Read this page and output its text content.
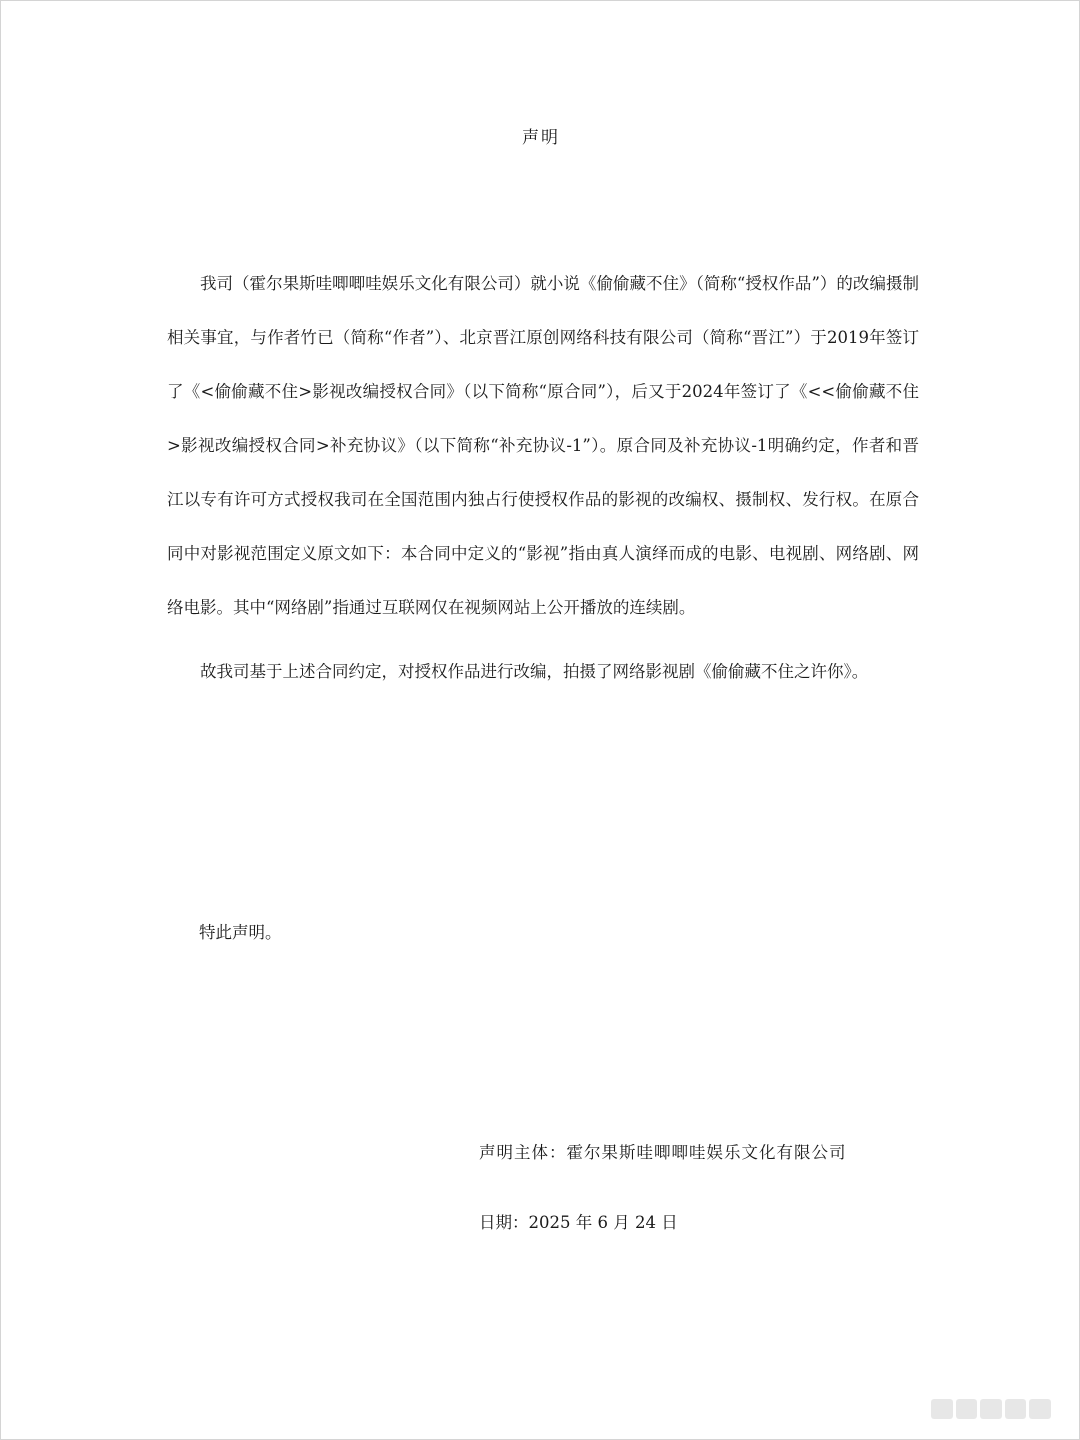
声明

我司（霍尔果斯哇唧唧哇娱乐文化有限公司）就小说《偷偷藏不住》（简称“授权作品”）的改编摄制相关事宜，与作者竹已（简称“作者”）、北京晋江原创网络科技有限公司（简称“晋江”）于2019年签订了《<偷偷藏不住>影视改编授权合同》（以下简称“原合同”），后又于2024年签订了《<<偷偷藏不住>影视改编授权合同>补充协议》（以下简称“补充协议-1”）。原合同及补充协议-1明确约定，作者和晋江以专有许可方式授权我司在全国范围内独占行使授权作品的影视的改编权、摄制权、发行权。在原合同中对影视范围定义原文如下：本合同中定义的“影视”指由真人演绎而成的电影、电视剧、网络剧、网络电影。其中“网络剧”指通过互联网仅在视频网站上公开播放的连续剧。

故我司基于上述合同约定，对授权作品进行改编，拍摄了网络影视剧《偷偷藏不住之许你》。

特此声明。
声明主体：霍尔果斯哇唧唧哇娱乐文化有限公司
日期：2025 年 6 月 24 日
